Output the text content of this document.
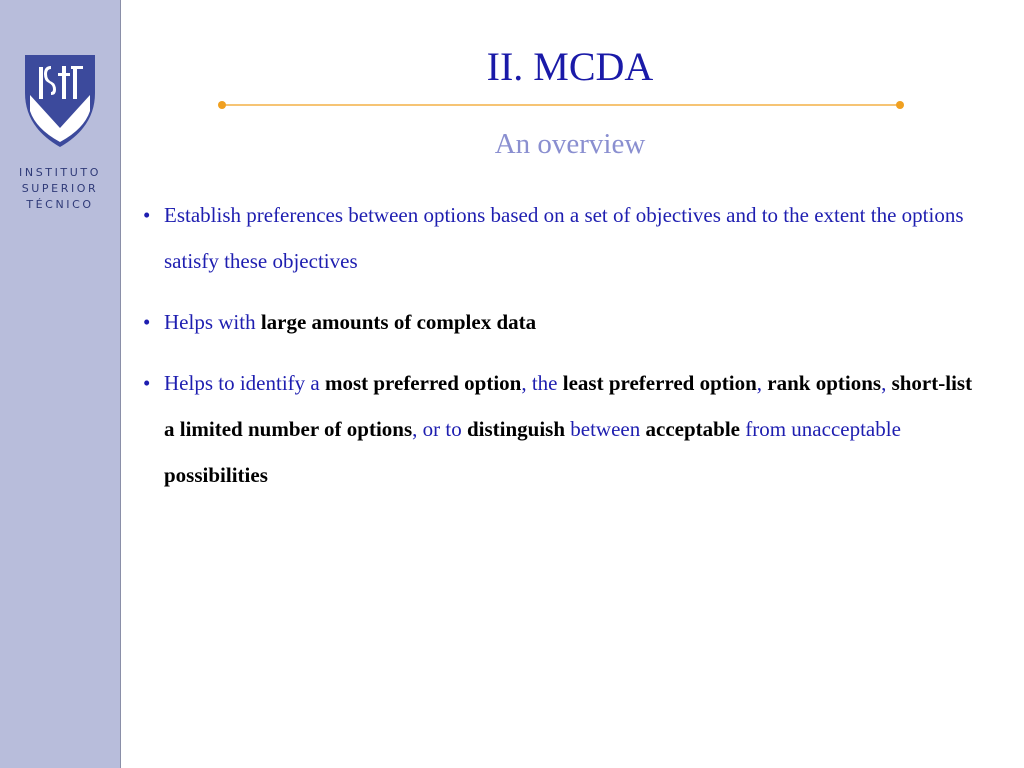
INSTITUTO
SUPERIOR
TÉCNICO
II. MCDA
An overview
• Establish preferences between options based on a set of objectives and to the extent the options satisfy these objectives
• Helps with large amounts of complex data
• Helps to identify a most preferred option, the least preferred option, rank options, short-list a limited number of options, or to distinguish between acceptable from unacceptable possibilities
